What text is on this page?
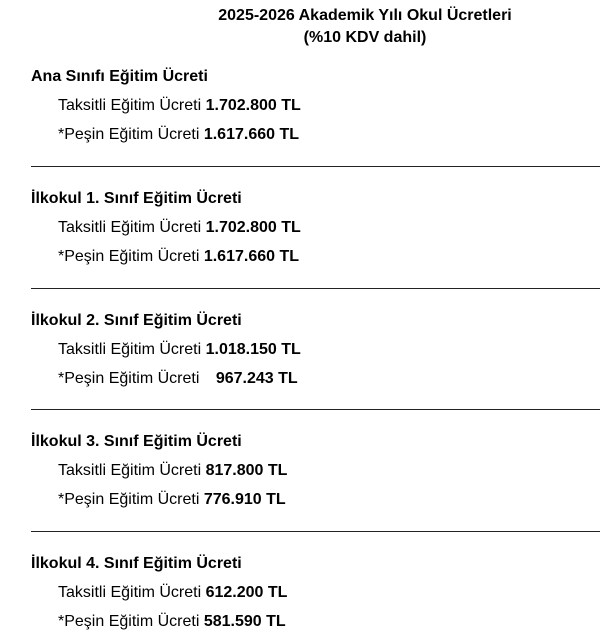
2025-2026 Akademik Yılı Okul Ücretleri
(%10 KDV dahil)
Ana Sınıfı Eğitim Ücreti
Taksitli Eğitim Ücreti 1.702.800 TL
*Peşin Eğitim Ücreti 1.617.660 TL
İlkokul 1. Sınıf Eğitim Ücreti
Taksitli Eğitim Ücreti 1.702.800 TL
*Peşin Eğitim Ücreti 1.617.660 TL
İlkokul 2. Sınıf Eğitim Ücreti
Taksitli Eğitim Ücreti 1.018.150 TL
*Peşin Eğitim Ücreti 967.243 TL
İlkokul 3. Sınıf Eğitim Ücreti
Taksitli Eğitim Ücreti 817.800 TL
*Peşin Eğitim Ücreti 776.910 TL
İlkokul 4. Sınıf Eğitim Ücreti
Taksitli Eğitim Ücreti 612.200 TL
*Peşin Eğitim Ücreti 581.590 TL
